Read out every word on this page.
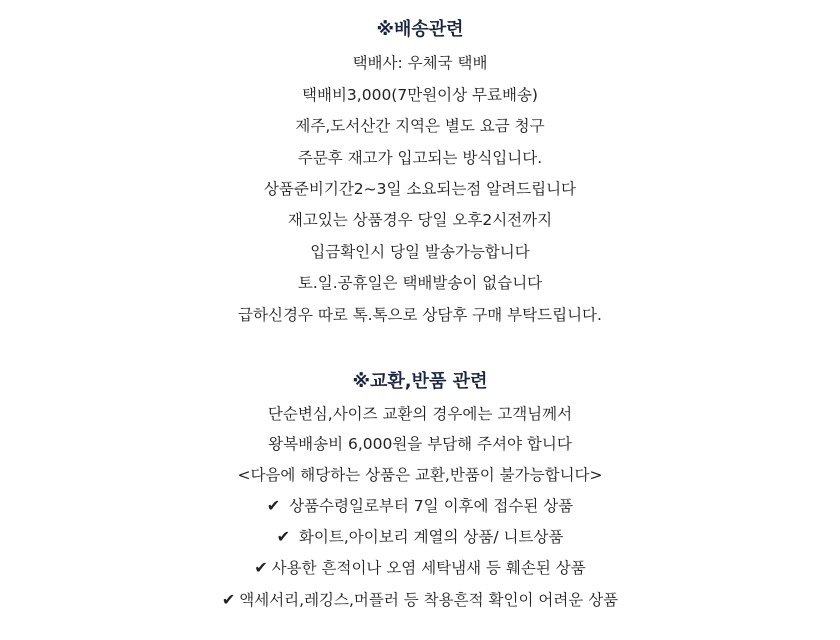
※배송관련
택배사: 우체국 택배
택배비3,000(7만원이상 무료배송)
제주,도서산간 지역은 별도 요금 청구
주문후 재고가 입고되는 방식입니다.
상품준비기간2~3일 소요되는점 알려드립니다
재고있는 상품경우 당일 오후2시전까지
입금확인시 당일 발송가능합니다
토.일.공휴일은 택배발송이 없습니다
급하신경우 따로 톡.톡으로 상담후 구매 부탁드립니다.
※교환,반품 관련
단순변심,사이즈 교환의 경우에는 고객님께서
왕복배송비 6,000원을 부담해 주셔야 합니다
<다음에 해당하는 상품은 교환,반품이 불가능합니다>
✔ 상품수령일로부터 7일 이후에 접수된 상품
✔ 화이트,아이보리 계열의 상품/ 니트상품
✔ 사용한 흔적이나 오염 세탁냄새 등 훼손된 상품
✔ 액세서리,레깅스,머플러 등 착용흔적 확인이 어려운 상품
